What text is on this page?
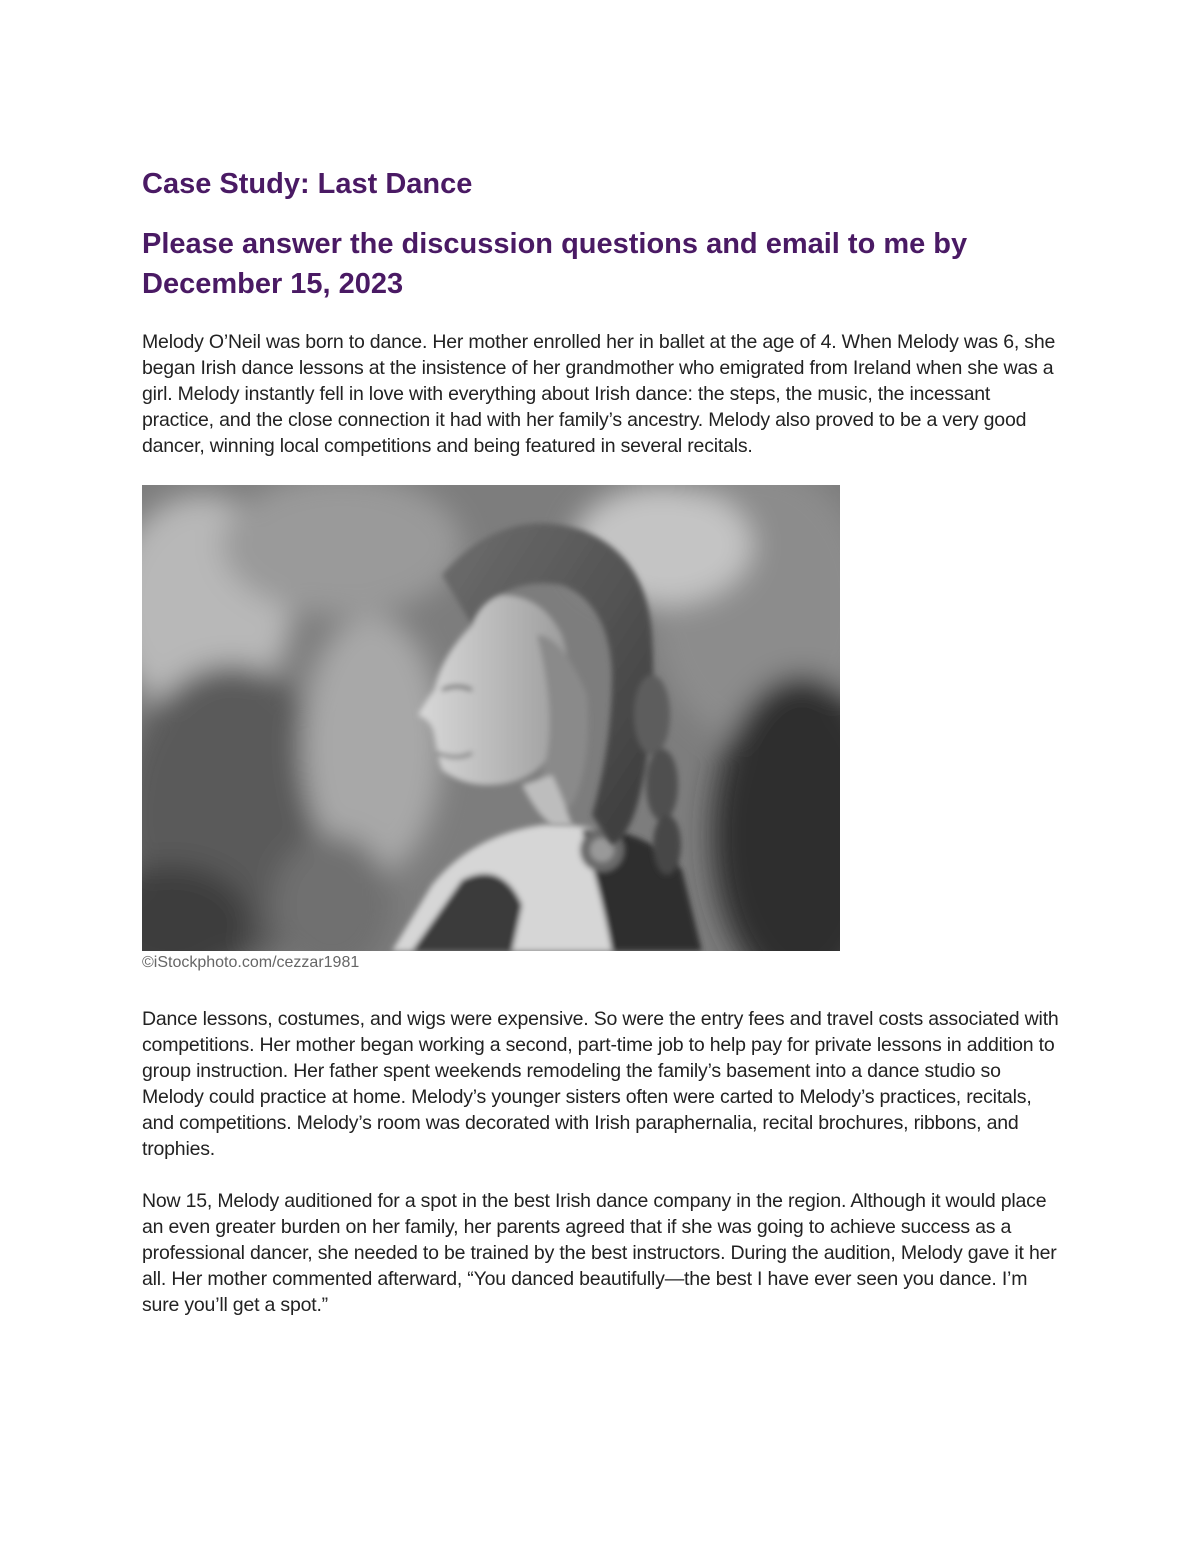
Case Study: Last Dance
Please answer the discussion questions and email to me by December 15, 2023

Melody O’Neil was born to dance. Her mother enrolled her in ballet at the age of 4. When Melody was 6, she began Irish dance lessons at the insistence of her grandmother who emigrated from Ireland when she was a girl. Melody instantly fell in love with everything about Irish dance: the steps, the music, the incessant practice, and the close connection it had with her family’s ancestry. Melody also proved to be a very good dancer, winning local competitions and being featured in several recitals.

©iStockphoto.com/cezzar1981

Dance lessons, costumes, and wigs were expensive. So were the entry fees and travel costs associated with competitions. Her mother began working a second, part-time job to help pay for private lessons in addition to group instruction. Her father spent weekends remodeling the family’s basement into a dance studio so Melody could practice at home. Melody’s younger sisters often were carted to Melody’s practices, recitals, and competitions. Melody’s room was decorated with Irish paraphernalia, recital brochures, ribbons, and trophies.

Now 15, Melody auditioned for a spot in the best Irish dance company in the region. Although it would place an even greater burden on her family, her parents agreed that if she was going to achieve success as a professional dancer, she needed to be trained by the best instructors. During the audition, Melody gave it her all. Her mother commented afterward, “You danced beautifully—the best I have ever seen you dance. I’m sure you’ll get a spot.”
